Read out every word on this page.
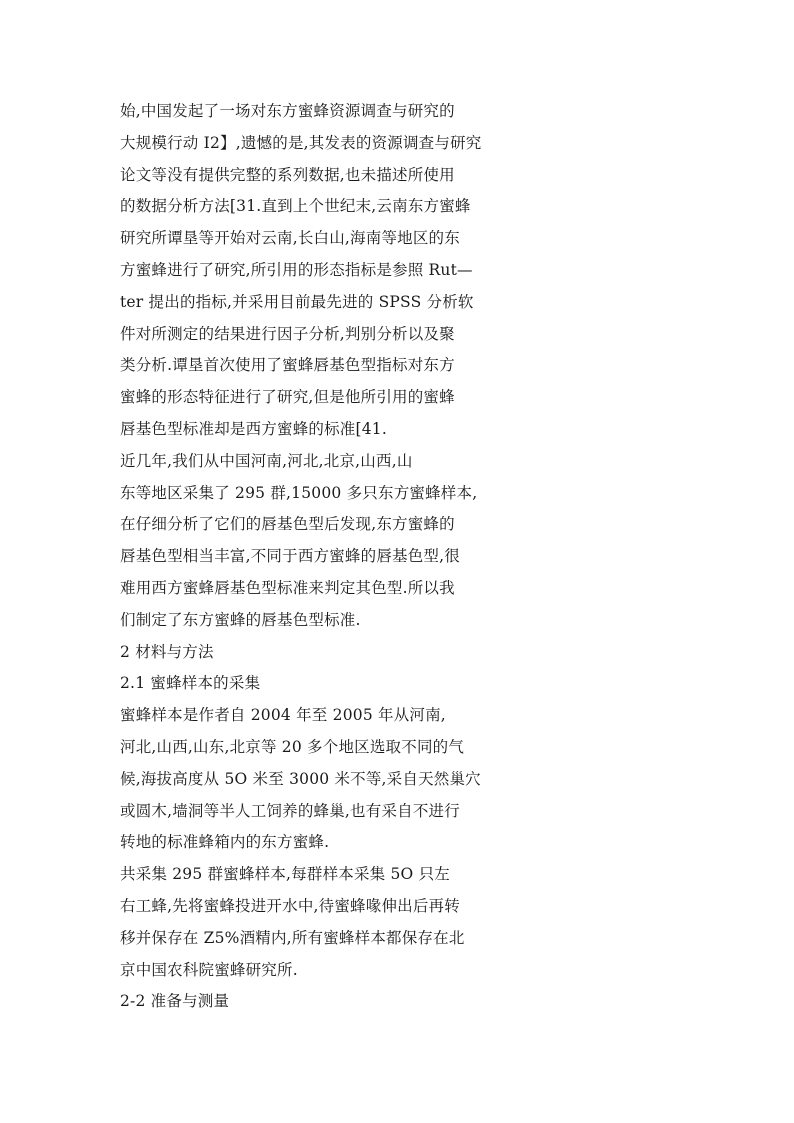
始,中国发起了一场对东方蜜蜂资源调查与研究的
大规模行动 I2】,遗憾的是,其发表的资源调查与研究
论文等没有提供完整的系列数据,也未描述所使用
的数据分析方法[31.直到上个世纪末,云南东方蜜蜂
研究所谭垦等开始对云南,长白山,海南等地区的东
方蜜蜂进行了研究,所引用的形态指标是参照 Rut—
ter 提出的指标,并采用目前最先进的 SPSS 分析软
件对所测定的结果进行因子分析,判别分析以及聚
类分析.谭垦首次使用了蜜蜂唇基色型指标对东方
蜜蜂的形态特征进行了研究,但是他所引用的蜜蜂
唇基色型标准却是西方蜜蜂的标准[41.
近几年,我们从中国河南,河北,北京,山西,山
东等地区采集了 295 群,15000 多只东方蜜蜂样本,
在仔细分析了它们的唇基色型后发现,东方蜜蜂的
唇基色型相当丰富,不同于西方蜜蜂的唇基色型,很
难用西方蜜蜂唇基色型标准来判定其色型.所以我
们制定了东方蜜蜂的唇基色型标准.
2 材料与方法
2.1 蜜蜂样本的采集
蜜蜂样本是作者自 2004 年至 2005 年从河南,
河北,山西,山东,北京等 20 多个地区选取不同的气
候,海拔高度从 5O 米至 3000 米不等,采自天然巢穴
或圆木,墙洞等半人工饲养的蜂巢,也有采自不进行
转地的标准蜂箱内的东方蜜蜂.
共采集 295 群蜜蜂样本,每群样本采集 5O 只左
右工蜂,先将蜜蜂投进开水中,待蜜蜂喙伸出后再转
移并保存在 Z5%酒精内,所有蜜蜂样本都保存在北
京中国农科院蜜蜂研究所.
2-2 准备与测量
